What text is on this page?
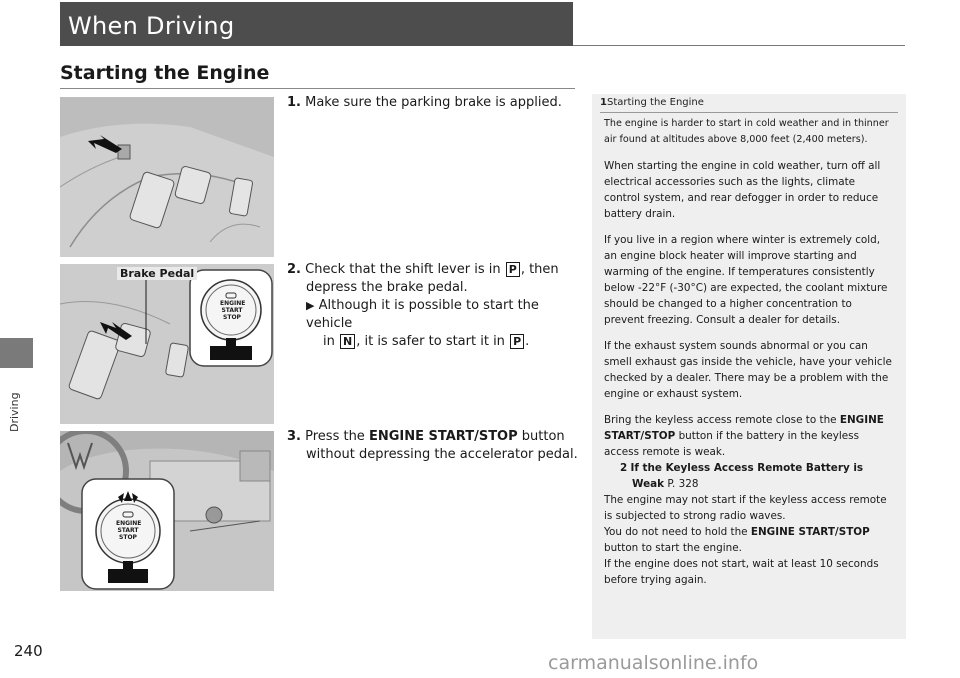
When Driving
Driving
Starting the Engine
ENGINE
START
STOP
Brake Pedal
ENGINE
START
STOP

1. Make sure the parking brake is applied.

2. Check that the shift lever is in P , then

depress the brake pedal.

▶ Although it is possible to start the vehicle
in N , it is safer to start it in P .

3. Press the ENGINE START/STOP button

without depressing the accelerator pedal.

1Starting the Engine

The engine is harder to start in cold weather and in thinner air found at altitudes above 8,000 feet (2,400 meters).

When starting the engine in cold weather, turn off all electrical accessories such as the lights, climate control system, and rear defogger in order to reduce battery drain.

If you live in a region where winter is extremely cold, an engine block heater will improve starting and warming of the engine. If temperatures consistently below -22°F (-30°C) are expected, the coolant mixture should be changed to a higher concentration to prevent freezing. Consult a dealer for details.

If the exhaust system sounds abnormal or you can smell exhaust gas inside the vehicle, have your vehicle checked by a dealer. There may be a problem with the engine or exhaust system.

Bring the keyless access remote close to the ENGINE START/STOP button if the battery in the keyless access remote is weak.

2 If the Keyless Access Remote Battery is
Weak P. 328

The engine may not start if the keyless access remote is subjected to strong radio waves.

You do not need to hold the ENGINE START/STOP button to start the engine.

If the engine does not start, wait at least 10 seconds before trying again.

240
carmanualsonline.info
